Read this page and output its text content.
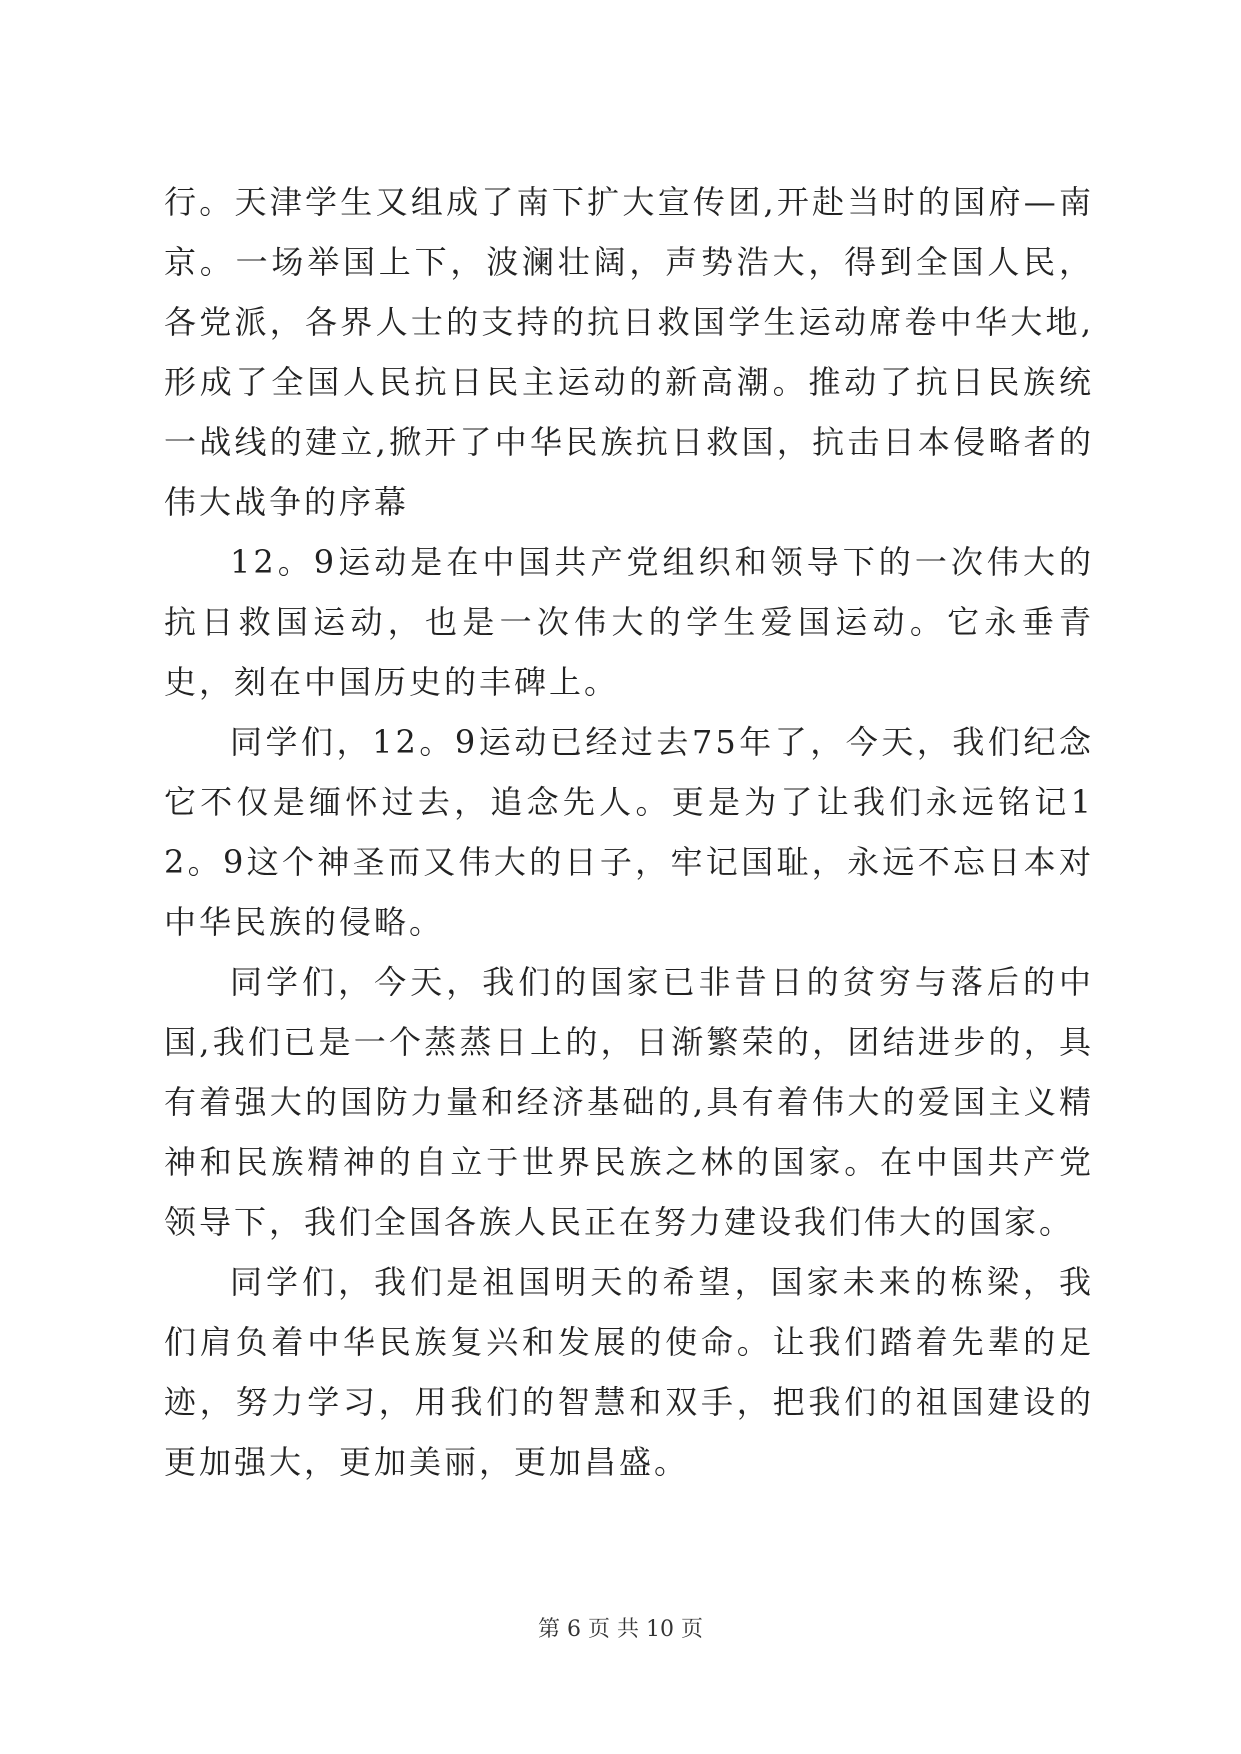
行。天津学生又组成了南下扩大宣传团,开赴当时的国府—南京。一场举国上下，波澜壮阔，声势浩大，得到全国人民，各党派，各界人士的支持的抗日救国学生运动席卷中华大地,形成了全国人民抗日民主运动的新高潮。推动了抗日民族统一战线的建立,掀开了中华民族抗日救国，抗击日本侵略者的伟大战争的序幕

12。9运动是在中国共产党组织和领导下的一次伟大的抗日救国运动，也是一次伟大的学生爱国运动。它永垂青史，刻在中国历史的丰碑上。

同学们，12。9运动已经过去75年了，今天，我们纪念它不仅是缅怀过去，追念先人。更是为了让我们永远铭记12。9这个神圣而又伟大的日子，牢记国耻，永远不忘日本对中华民族的侵略。

同学们，今天，我们的国家已非昔日的贫穷与落后的中国,我们已是一个蒸蒸日上的，日渐繁荣的，团结进步的，具有着强大的国防力量和经济基础的,具有着伟大的爱国主义精神和民族精神的自立于世界民族之林的国家。在中国共产党领导下，我们全国各族人民正在努力建设我们伟大的国家。

同学们，我们是祖国明天的希望，国家未来的栋梁，我们肩负着中华民族复兴和发展的使命。让我们踏着先辈的足迹，努力学习，用我们的智慧和双手，把我们的祖国建设的更加强大，更加美丽，更加昌盛。

第 6 页 共 10 页
